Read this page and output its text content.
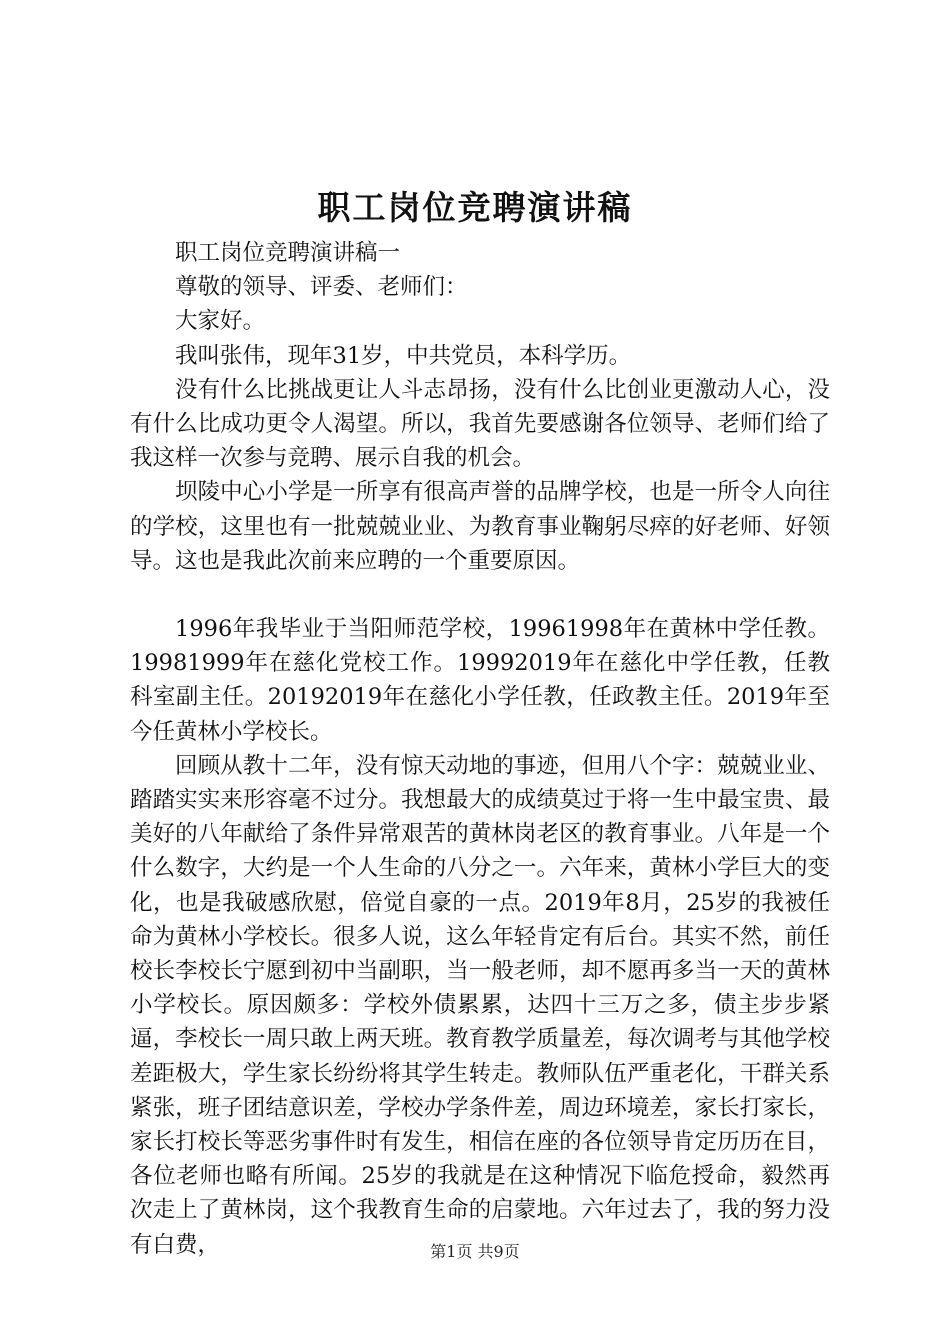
职工岗位竞聘演讲稿

职工岗位竞聘演讲稿一

尊敬的领导、评委、老师们：

大家好。

我叫张伟，现年31岁，中共党员，本科学历。

没有什么比挑战更让人斗志昂扬，没有什么比创业更激动人心，没有什么比成功更令人渴望。所以，我首先要感谢各位领导、老师们给了我这样一次参与竞聘、展示自我的机会。

坝陵中心小学是一所享有很高声誉的品牌学校，也是一所令人向往的学校，这里也有一批兢兢业业、为教育事业鞠躬尽瘁的好老师、好领导。这也是我此次前来应聘的一个重要原因。

1996年我毕业于当阳师范学校，19961998年在黄林中学任教。19981999年在慈化党校工作。19992019年在慈化中学任教，任教科室副主任。20192019年在慈化小学任教，任政教主任。2019年至今任黄林小学校长。

回顾从教十二年，没有惊天动地的事迹，但用八个字：兢兢业业、踏踏实实来形容毫不过分。我想最大的成绩莫过于将一生中最宝贵、最美好的八年献给了条件异常艰苦的黄林岗老区的教育事业。八年是一个什么数字，大约是一个人生命的八分之一。六年来，黄林小学巨大的变化，也是我破感欣慰，倍觉自豪的一点。2019年8月，25岁的我被任命为黄林小学校长。很多人说，这么年轻肯定有后台。其实不然，前任校长李校长宁愿到初中当副职，当一般老师，却不愿再多当一天的黄林小学校长。原因颇多：学校外债累累，达四十三万之多，债主步步紧逼，李校长一周只敢上两天班。教育教学质量差，每次调考与其他学校差距极大，学生家长纷纷将其学生转走。教师队伍严重老化，干群关系紧张，班子团结意识差，学校办学条件差，周边环境差，家长打家长，家长打校长等恶劣事件时有发生，相信在座的各位领导肯定历历在目，各位老师也略有所闻。25岁的我就是在这种情况下临危授命，毅然再次走上了黄林岗，这个我教育生命的启蒙地。六年过去了，我的努力没有白费，	第1页 共9页
